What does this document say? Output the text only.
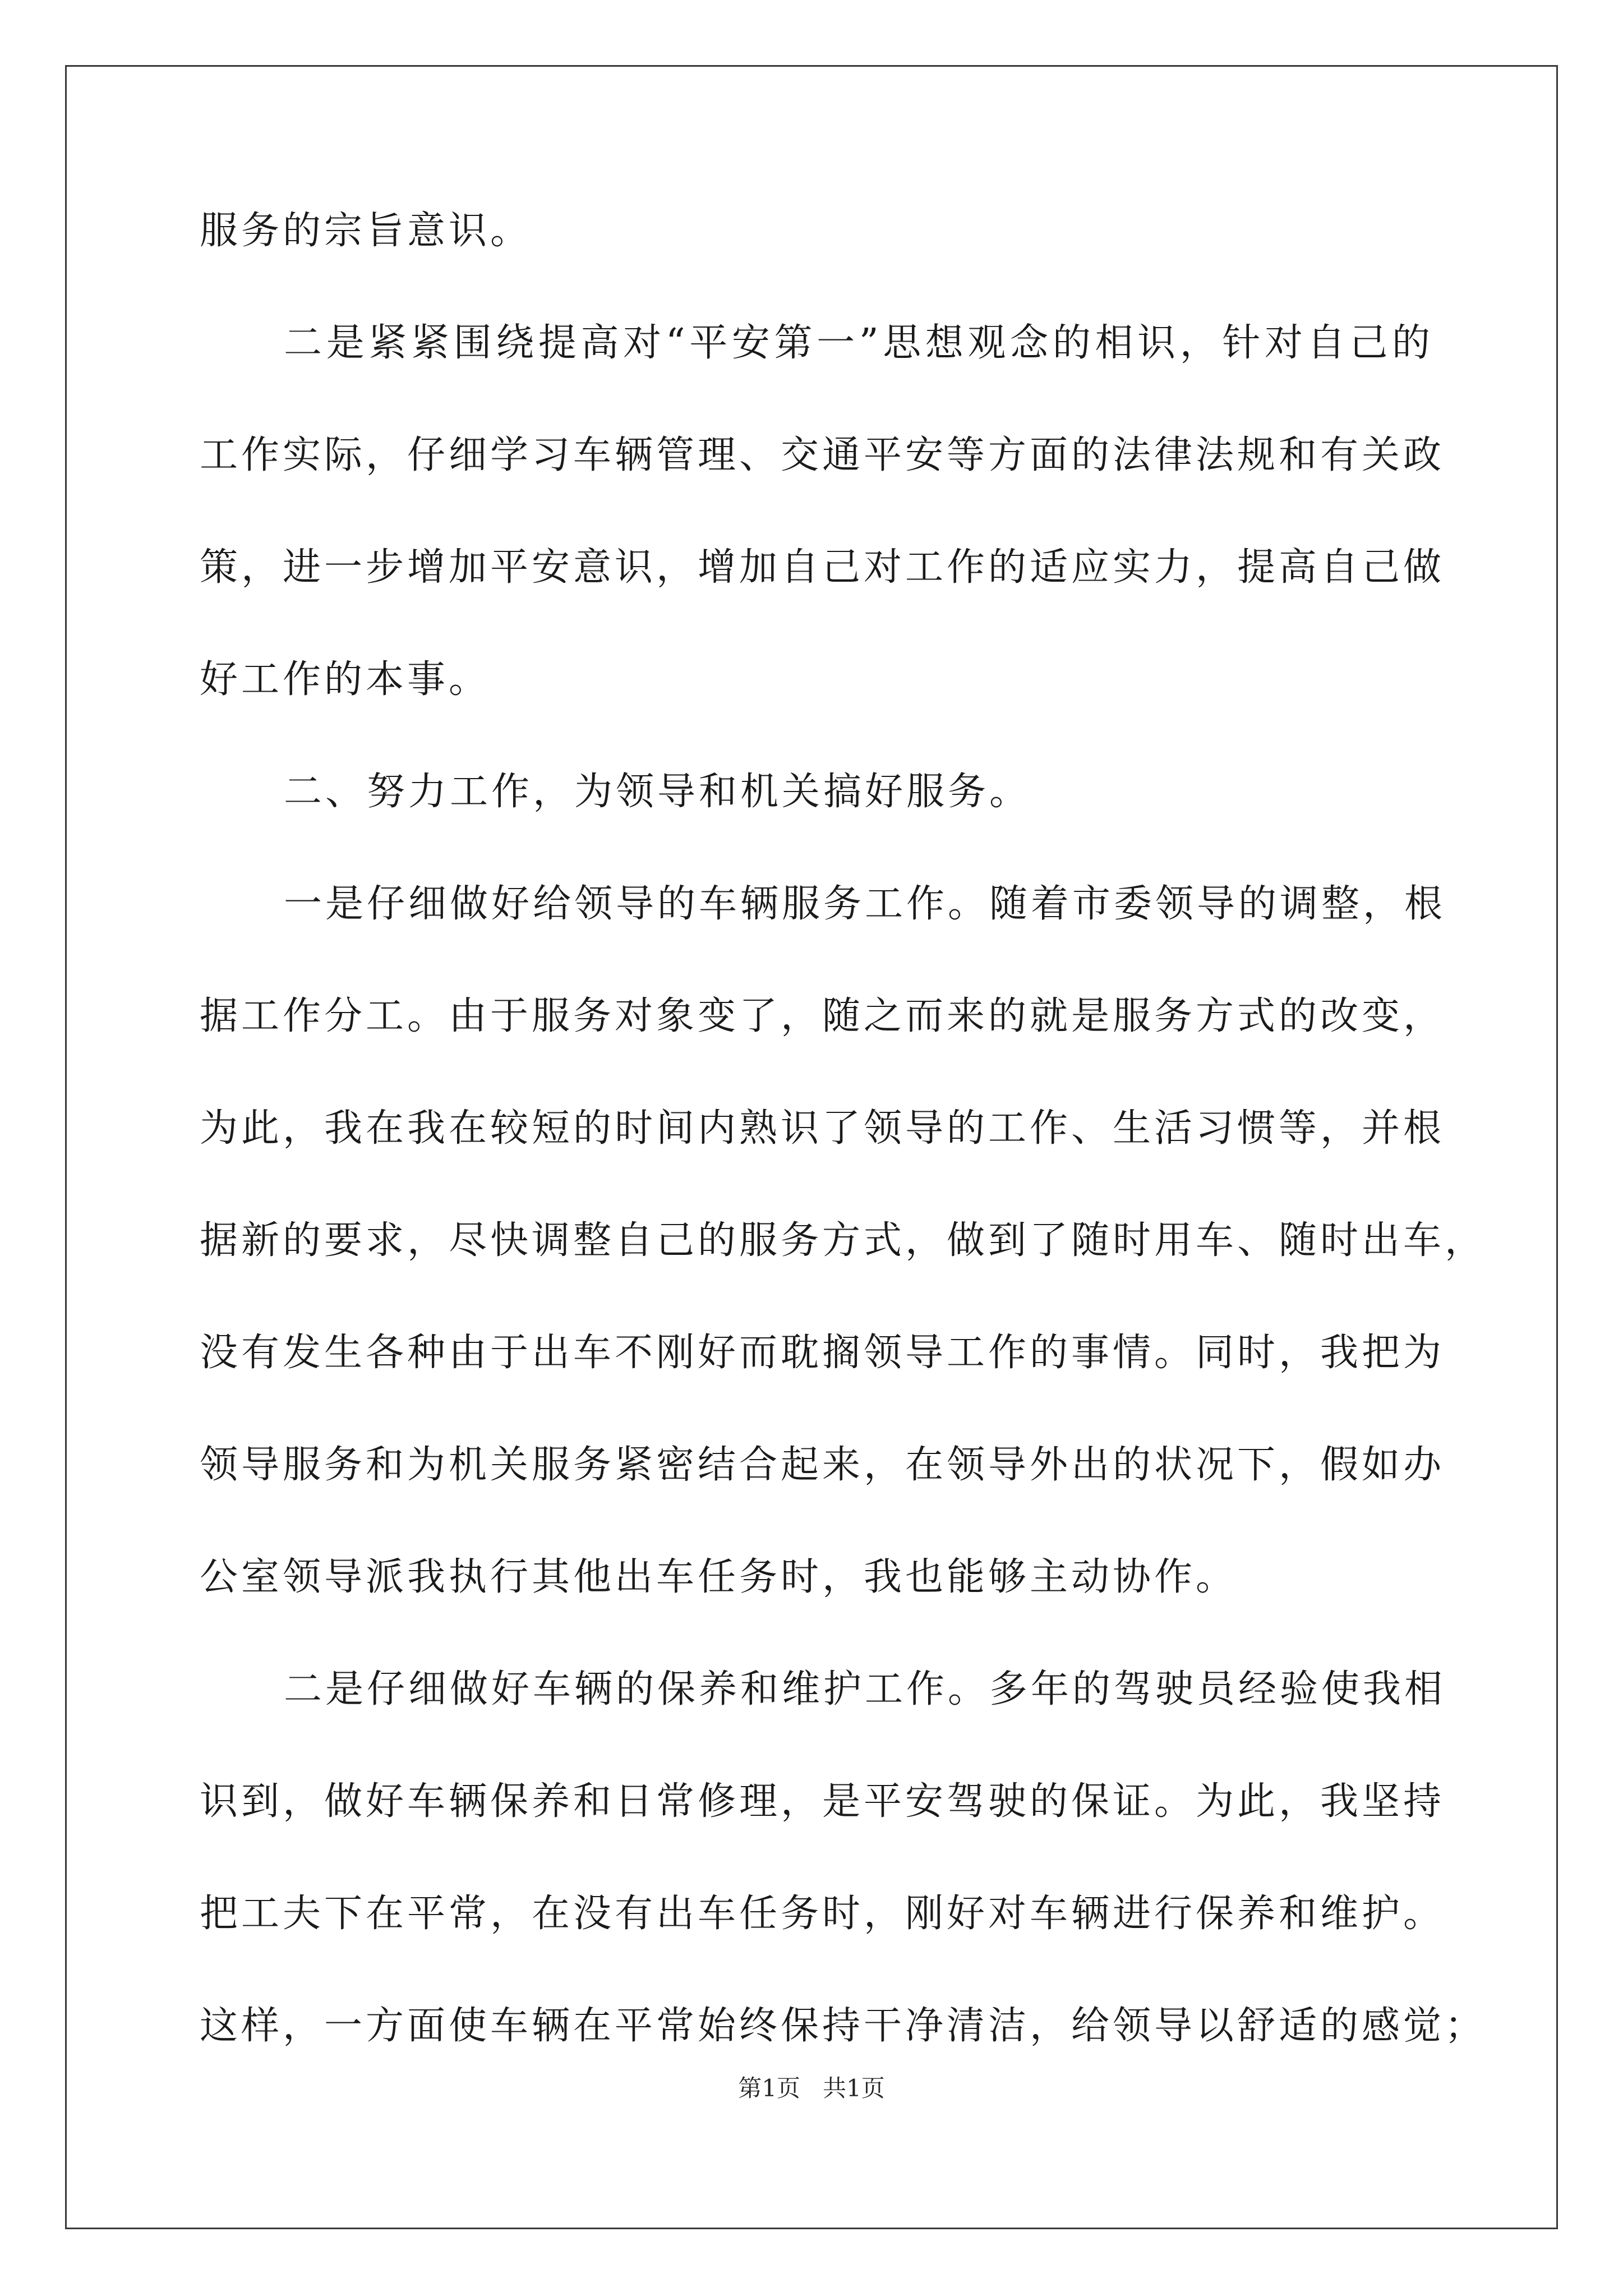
服务的宗旨意识。
二是紧紧围绕提高对“平安第一”思想观念的相识，针对自己的
工作实际，仔细学习车辆管理、交通平安等方面的法律法规和有关政
策，进一步增加平安意识，增加自己对工作的适应实力，提高自己做
好工作的本事。
二、努力工作，为领导和机关搞好服务。
一是仔细做好给领导的车辆服务工作。随着市委领导的调整，根
据工作分工。由于服务对象变了，随之而来的就是服务方式的改变，
为此，我在我在较短的时间内熟识了领导的工作、生活习惯等，并根
据新的要求，尽快调整自己的服务方式，做到了随时用车、随时出车，
没有发生各种由于出车不刚好而耽搁领导工作的事情。同时，我把为
领导服务和为机关服务紧密结合起来，在领导外出的状况下，假如办
公室领导派我执行其他出车任务时，我也能够主动协作。
二是仔细做好车辆的保养和维护工作。多年的驾驶员经验使我相
识到，做好车辆保养和日常修理，是平安驾驶的保证。为此，我坚持
把工夫下在平常，在没有出车任务时，刚好对车辆进行保养和维护。
这样，一方面使车辆在平常始终保持干净清洁，给领导以舒适的感觉；
第1页   共1页
